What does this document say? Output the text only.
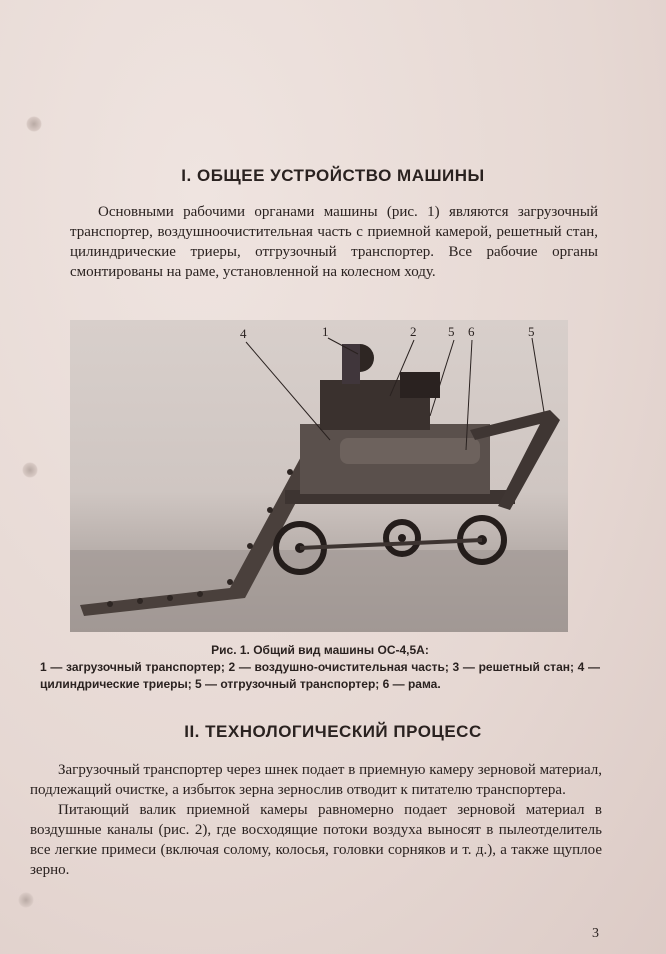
I. ОБЩЕЕ УСТРОЙСТВО МАШИНЫ

Основными рабочими органами машины (рис. 1) являются загрузочный транспортер, воздушноочистительная часть с приемной камерой, решетный стан, цилиндрические триеры, отгрузочный транспортер. Все рабочие органы смонтированы на раме, установленной на колесном ходу.

4	1	2 5 6	5
Рис. 1. Общий вид машины ОС-4,5А:
1 — загрузочный транспортер; 2 — воздушно-очистительная часть; 3 — решетный стан; 4 — цилиндрические триеры; 5 — отгрузочный транспортер; 6 — рама.
II. ТЕХНОЛОГИЧЕСКИЙ ПРОЦЕСС

Загрузочный транспортер через шнек подает в приемную камеру зерновой материал, подлежащий очистке, а избыток зерна зернослив отводит к питателю транспортера.

Питающий валик приемной камеры равномерно подает зерновой материал в воздушные каналы (рис. 2), где восходящие потоки воздуха выносят в пылеотделитель все легкие примеси (включая солому, колосья, головки сорняков и т. д.), а также щуплое зерно.

3
